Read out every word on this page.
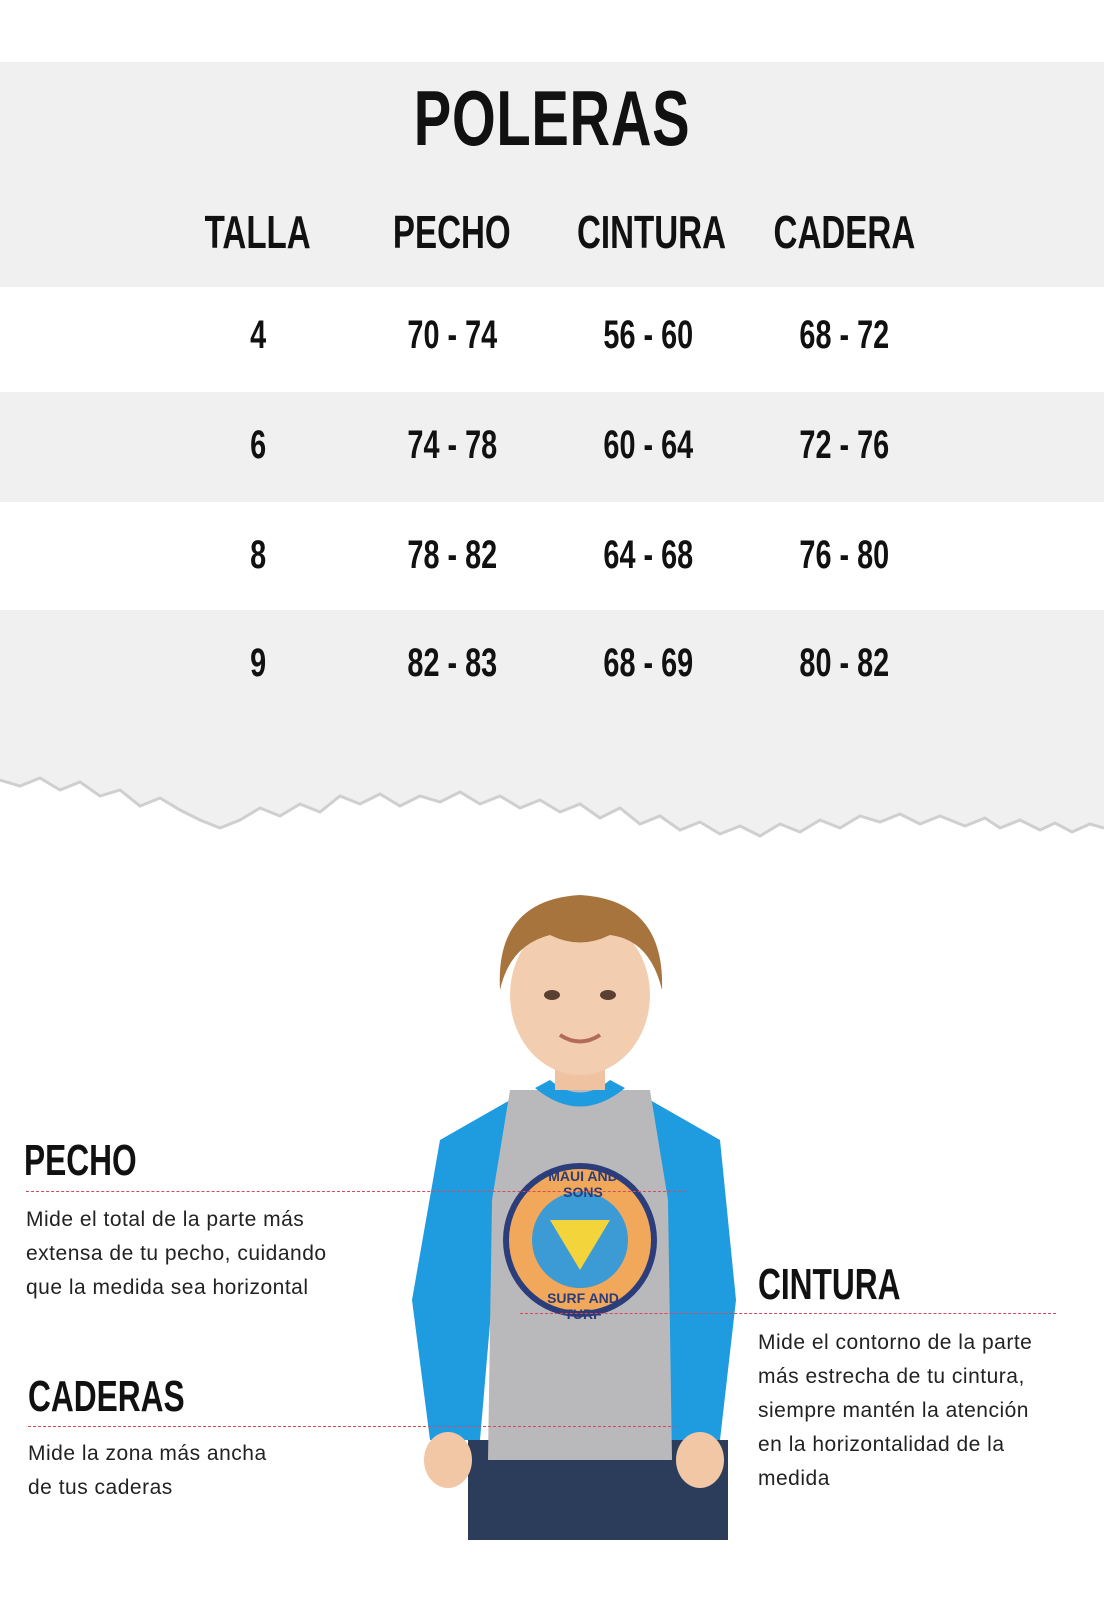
POLERAS
TALLA	PECHO	CINTURA	CADERA
4	70 - 74	56 - 60	68 - 72
6	74 - 78	60 - 64	72 - 76
8	78 - 82	64 - 68	76 - 80
9	82 - 83	68 - 69	80 - 82
MAUI AND SONS
SURF AND TURF
PECHO
Mide el total de la parte más
extensa de tu pecho, cuidando
que la medida sea horizontal
CADERAS
Mide la zona más ancha
de tus caderas
CINTURA
Mide el contorno de la parte
más estrecha de tu cintura,
siempre mantén la atención
en la horizontalidad de la
medida
